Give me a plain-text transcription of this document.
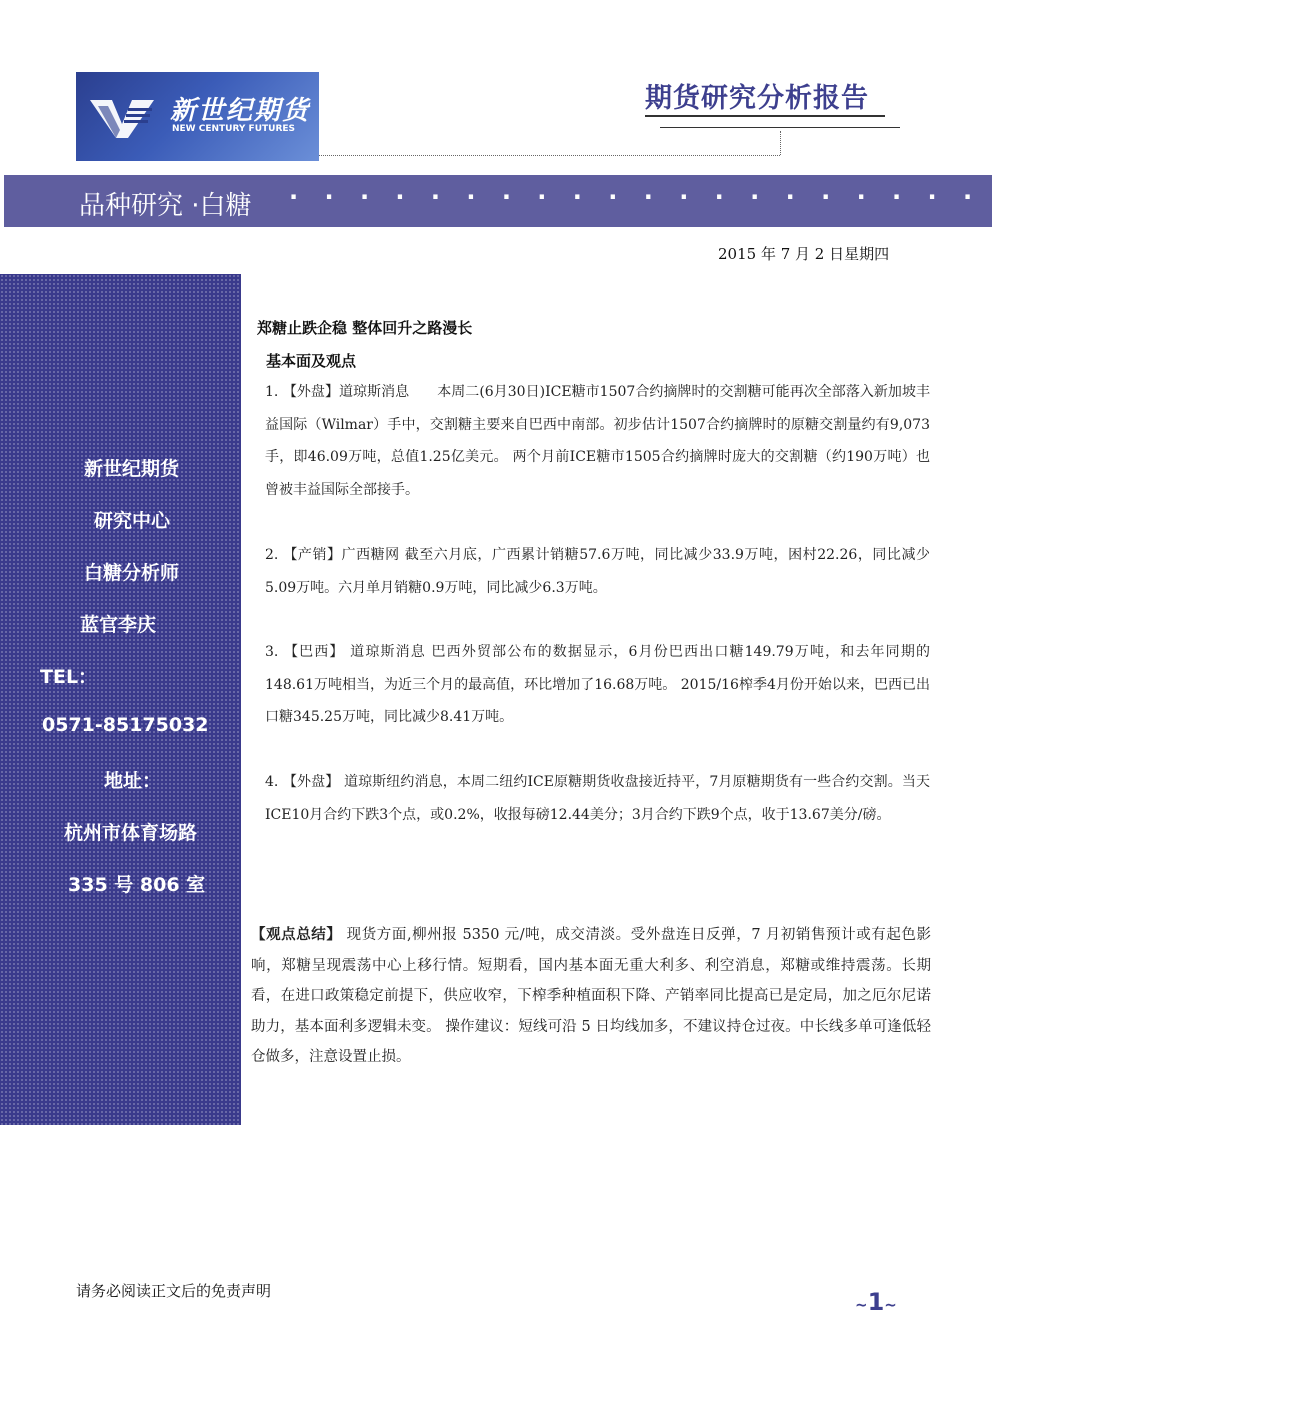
新世纪期货
NEW CENTURY FUTURES
期货研究分析报告
品种研究 ·白糖 · · · · · · · · · · · · · · · · · · · · · · · · · · · · ·
2015 年 7 月 2 日星期四
新世纪期货
研究中心
白糖分析师
蓝官李庆
TEL：
0571-85175032
地址：
杭州市体育场路
335 号 806 室
郑糖止跌企稳 整体回升之路漫长
基本面及观点
1. 【外盘】道琼斯消息　　本周二(6月30日)ICE糖市1507合约摘牌时的交割糖可能再次全部落入新加坡丰益国际（Wilmar）手中，交割糖主要来自巴西中南部。初步估计1507合约摘牌时的原糖交割量约有9,073手，即46.09万吨，总值1.25亿美元。 两个月前ICE糖市1505合约摘牌时庞大的交割糖（约190万吨）也曾被丰益国际全部接手。
2. 【产销】广西糖网 截至六月底，广西累计销糖57.6万吨，同比减少33.9万吨，困村22.26，同比减少5.09万吨。六月单月销糖0.9万吨，同比减少6.3万吨。
3. 【巴西】 道琼斯消息 巴西外贸部公布的数据显示，6月份巴西出口糖149.79万吨，和去年同期的148.61万吨相当，为近三个月的最高值，环比增加了16.68万吨。 2015/16榨季4月份开始以来，巴西已出口糖345.25万吨，同比减少8.41万吨。
4. 【外盘】 道琼斯纽约消息，本周二纽约ICE原糖期货收盘接近持平，7月原糖期货有一些合约交割。当天ICE10月合约下跌3个点，或0.2%，收报每磅12.44美分；3月合约下跌9个点，收于13.67美分/磅。
【观点总结】 现货方面,柳州报 5350 元/吨，成交清淡。受外盘连日反弹，7 月初销售预计或有起色影响，郑糖呈现震荡中心上移行情。短期看，国内基本面无重大利多、利空消息，郑糖或维持震荡。长期看，在进口政策稳定前提下，供应收窄，下榨季种植面积下降、产销率同比提高已是定局，加之厄尔尼诺助力，基本面利多逻辑未变。 操作建议：短线可沿 5 日均线加多，不建议持仓过夜。中长线多单可逢低轻仓做多，注意设置止损。
请务必阅读正文后的免责声明
~1~
